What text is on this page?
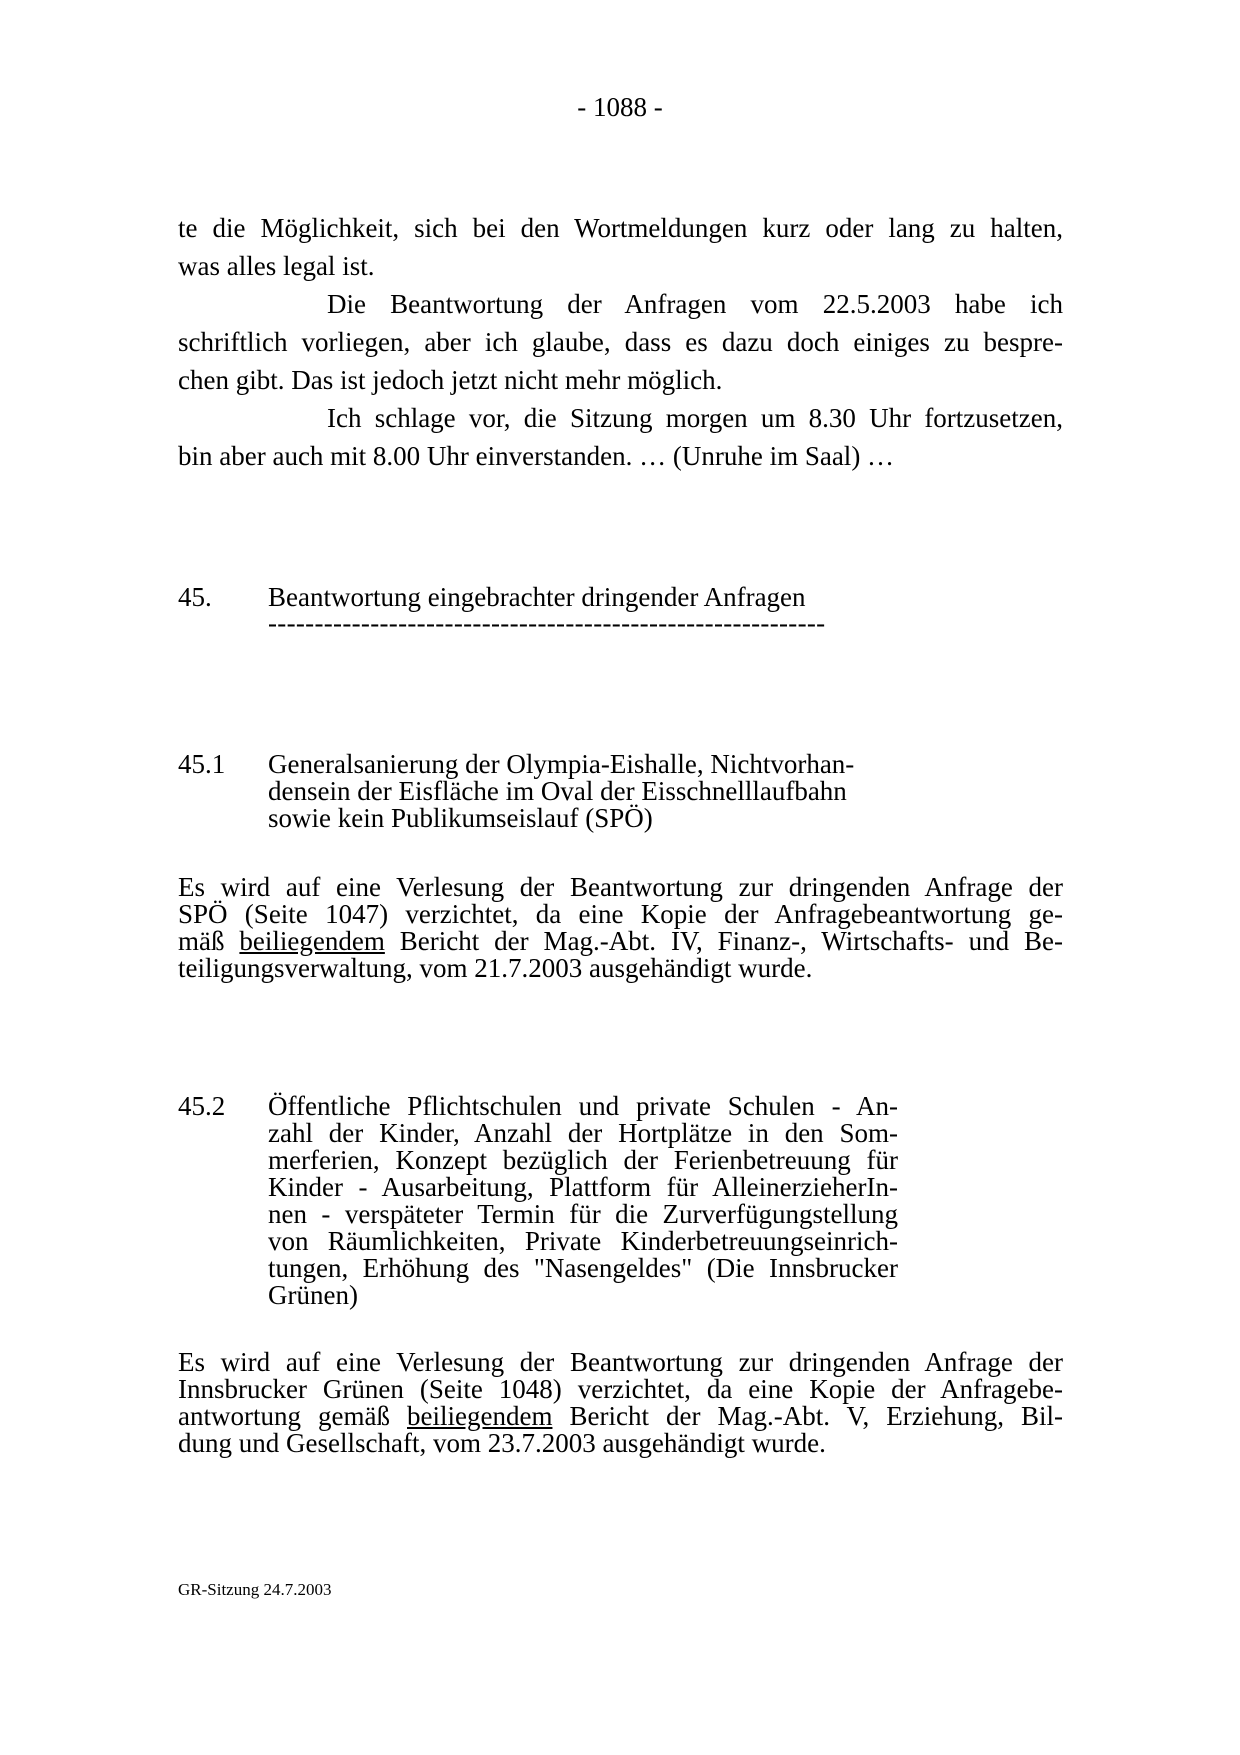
- 1088 -
te die Möglichkeit, sich bei den Wortmeldungen kurz oder lang zu halten,
was alles legal ist.
Die Beantwortung der Anfragen vom 22.5.2003 habe ich
schriftlich vorliegen, aber ich glaube, dass es dazu doch einiges zu bespre-
chen gibt. Das ist jedoch jetzt nicht mehr möglich.
Ich schlage vor, die Sitzung morgen um 8.30 Uhr fortzusetzen,
bin aber auch mit 8.00 Uhr einverstanden. … (Unruhe im Saal) …
45. Beantwortung eingebrachter dringender Anfragen
------------------------------------------------------------
45.1 Generalsanierung der Olympia-Eishalle, Nichtvorhan-
densein der Eisfläche im Oval der Eisschnelllaufbahn
sowie kein Publikumseislauf (SPÖ)
Es wird auf eine Verlesung der Beantwortung zur dringenden Anfrage der
SPÖ (Seite 1047) verzichtet, da eine Kopie der Anfragebeantwortung ge-
mäß beiliegendem Bericht der Mag.-Abt. IV, Finanz-, Wirtschafts- und Be-
teiligungsverwaltung, vom 21.7.2003 ausgehändigt wurde.
45.2 Öffentliche Pflichtschulen und private Schulen - An-
zahl der Kinder, Anzahl der Hortplätze in den Som-
merferien, Konzept bezüglich der Ferienbetreuung für
Kinder - Ausarbeitung, Plattform für AlleinerzieherIn-
nen - verspäteter Termin für die Zurverfügungstellung
von Räumlichkeiten, Private Kinderbetreuungseinrich-
tungen, Erhöhung des "Nasengeldes" (Die Innsbrucker
Grünen)
Es wird auf eine Verlesung der Beantwortung zur dringenden Anfrage der
Innsbrucker Grünen (Seite 1048) verzichtet, da eine Kopie der Anfragebe-
antwortung gemäß beiliegendem Bericht der Mag.-Abt. V, Erziehung, Bil-
dung und Gesellschaft, vom 23.7.2003 ausgehändigt wurde.
GR-Sitzung 24.7.2003
